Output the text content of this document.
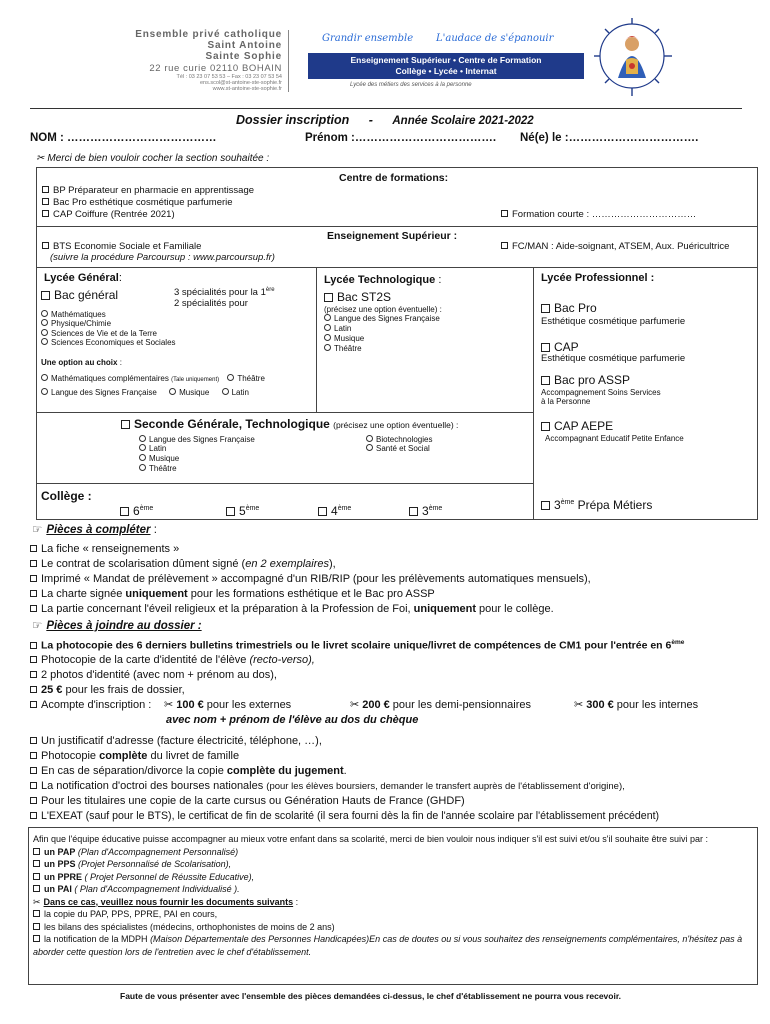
Ensemble privé catholique
Saint Antoine
Sainte Sophie
22 rue curie 02110 BOHAIN
Tél : 03 23 07 53 53 – Fax : 03 23 07 53 54
ens.scol@st-antoine-ste-sophie.fr
www.st-antoine-ste-sophie.fr
Grandir ensemble L'audace de s'épanouir
Enseignement Supérieur • Centre de Formation
Collège • Lycée • Internat
Lycée des métiers des services à la personne
Dossier inscription - Année Scolaire 2021-2022
NOM : …………………………………	Prénom :………………………………. Né(e) le :…………………………….
✂ Merci de bien vouloir cocher la section souhaitée :
Centre de formations:
BP Préparateur en pharmacie en apprentissage
Bac Pro esthétique cosmétique parfumerie
CAP Coiffure (Rentrée 2021)	Formation courte : ……………………………
Enseignement Supérieur :
BTS Economie Sociale et Familiale
(suivre la procédure Parcoursup : www.parcoursup.fr)
FC/MAN : Aide-soignant, ATSEM, Aux. Puéricultrice
Lycée Général:
Bac général	3 spécialités pour la 1ère
2 spécialités pour
Mathématiques
Physique/Chimie
Sciences de Vie et de la Terre
Sciences Economiques et Sociales
Une option au choix :
Mathématiques complémentaires (Tale uniquement) Théâtre
Langue des Signes Française	Musique	Latin
Lycée Technologique :
Bac ST2S
(précisez une option éventuelle) :
Langue des Signes Française
Latin
Musique
Théâtre
Lycée Professionnel :
Bac Pro
Esthétique cosmétique parfumerie
CAP
Esthétique cosmétique parfumerie
Bac pro ASSP
Accompagnement Soins Services
à la Personne
CAP AEPE
Accompagnant Educatif Petite Enfance
3ème Prépa Métiers
Seconde Générale, Technologique (précisez une option éventuelle) :
Langue des Signes Française
Latin
Musique
Théâtre
Biotechnologies
Santé et Social
Collège :
6ème	5ème	4ème	3ème
☞ Pièces à compléter :
La fiche « renseignements »
Le contrat de scolarisation dûment signé (en 2 exemplaires),
Imprimé « Mandat de prélèvement » accompagné d'un RIB/RIP (pour les prélèvements automatiques mensuels),
La charte signée uniquement pour les formations esthétique et le Bac pro ASSP
La partie concernant l'éveil religieux et la préparation à la Profession de Foi, uniquement pour le collège.
☞ Pièces à joindre au dossier :
La photocopie des 6 derniers bulletins trimestriels ou le livret scolaire unique/livret de compétences de CM1 pour l'entrée en 6ème
Photocopie de la carte d'identité de l'élève (recto-verso),
2 photos d'identité (avec nom + prénom au dos),
25 € pour les frais de dossier,
Acompte d'inscription : ✂ 100 € pour les externes	✂ 200 € pour les demi-pensionnaires	✂ 300 € pour les internes
avec nom + prénom de l'élève au dos du chèque
Un justificatif d'adresse (facture électricité, téléphone, …),
Photocopie complète du livret de famille
En cas de séparation/divorce la copie complète du jugement.
La notification d'octroi des bourses nationales (pour les élèves boursiers, demander le transfert auprès de l'établissement d'origine),
Pour les titulaires une copie de la carte cursus ou Génération Hauts de France (GHDF)
L'EXEAT (sauf pour le BTS), le certificat de fin de scolarité (il sera fourni dès la fin de l'année scolaire par l'établissement précédent)
Afin que l'équipe éducative puisse accompagner au mieux votre enfant dans sa scolarité, merci de bien vouloir nous indiquer s'il est suivi et/ou s'il souhaite être suivi par :
un PAP (Plan d'Accompagnement Personnalisé)
un PPS (Projet Personnalisé de Scolarisation),
un PPRE ( Projet Personnel de Réussite Educative),
un PAI ( Plan d'Accompagnement Individualisé ).
✂ Dans ce cas, veuillez nous fournir les documents suivants :
la copie du PAP, PPS, PPRE, PAI en cours,
les bilans des spécialistes (médecins, orthophonistes de moins de 2 ans)
la notification de la MDPH (Maison Départementale des Personnes Handicapées)En cas de doutes ou si vous souhaitez des renseignements complémentaires, n'hésitez pas à aborder cette question lors de l'entretien avec le chef d'établissement.
Faute de vous présenter avec l'ensemble des pièces demandées ci-dessus, le chef d'établissement ne pourra vous recevoir.
